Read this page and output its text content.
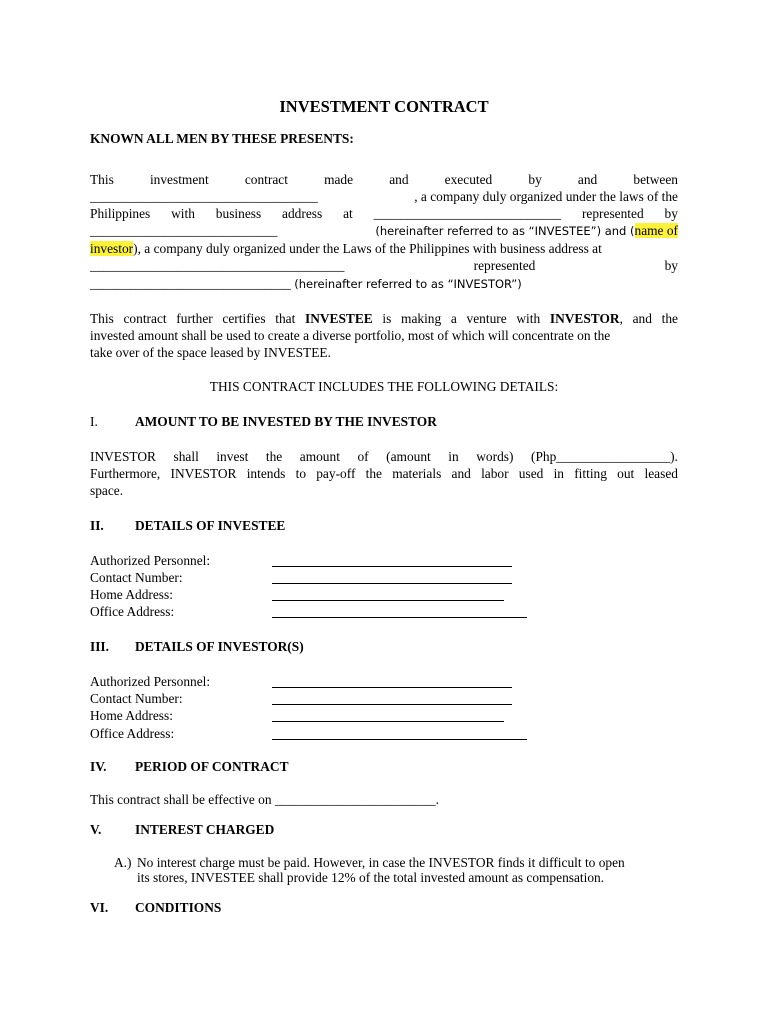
INVESTMENT CONTRACT
KNOWN ALL MEN BY THESE PRESENTS:
This	investment	contract	made	and	executed	by	and	between
__________________________________	, a company duly organized under the laws of the
Philippines with business address at ____________________________ represented by
____________________________	(hereinafter referred to as “INVESTEE”) and (name of
investor), a company duly organized under the Laws of the Philippines with business address at
______________________________________	represented	by
______________________________ (hereinafter referred to as “INVESTOR”)
This contract further certifies that INVESTEE is making a venture with INVESTOR, and the
invested amount shall be used to create a diverse portfolio, most of which will concentrate on the
take over of the space leased by INVESTEE.
THIS CONTRACT INCLUDES THE FOLLOWING DETAILS:
I.	AMOUNT TO BE INVESTED BY THE INVESTOR
INVESTOR shall invest the amount of (amount in words) (Php_________________).
Furthermore, INVESTOR intends to pay-off the materials and labor used in fitting out leased
space.
II. DETAILS OF INVESTEE
Authorized Personnel:
Contact Number:
Home Address:
Office Address:
III. DETAILS OF INVESTOR(S)
Authorized Personnel:
Contact Number:
Home Address:
Office Address:
IV. PERIOD OF CONTRACT
This contract shall be effective on ________________________.
V.	INTEREST CHARGED
A.) No interest charge must be paid. However, in case the INVESTOR finds it difficult to open
its stores, INVESTEE shall provide 12% of the total invested amount as compensation.
VI. CONDITIONS
